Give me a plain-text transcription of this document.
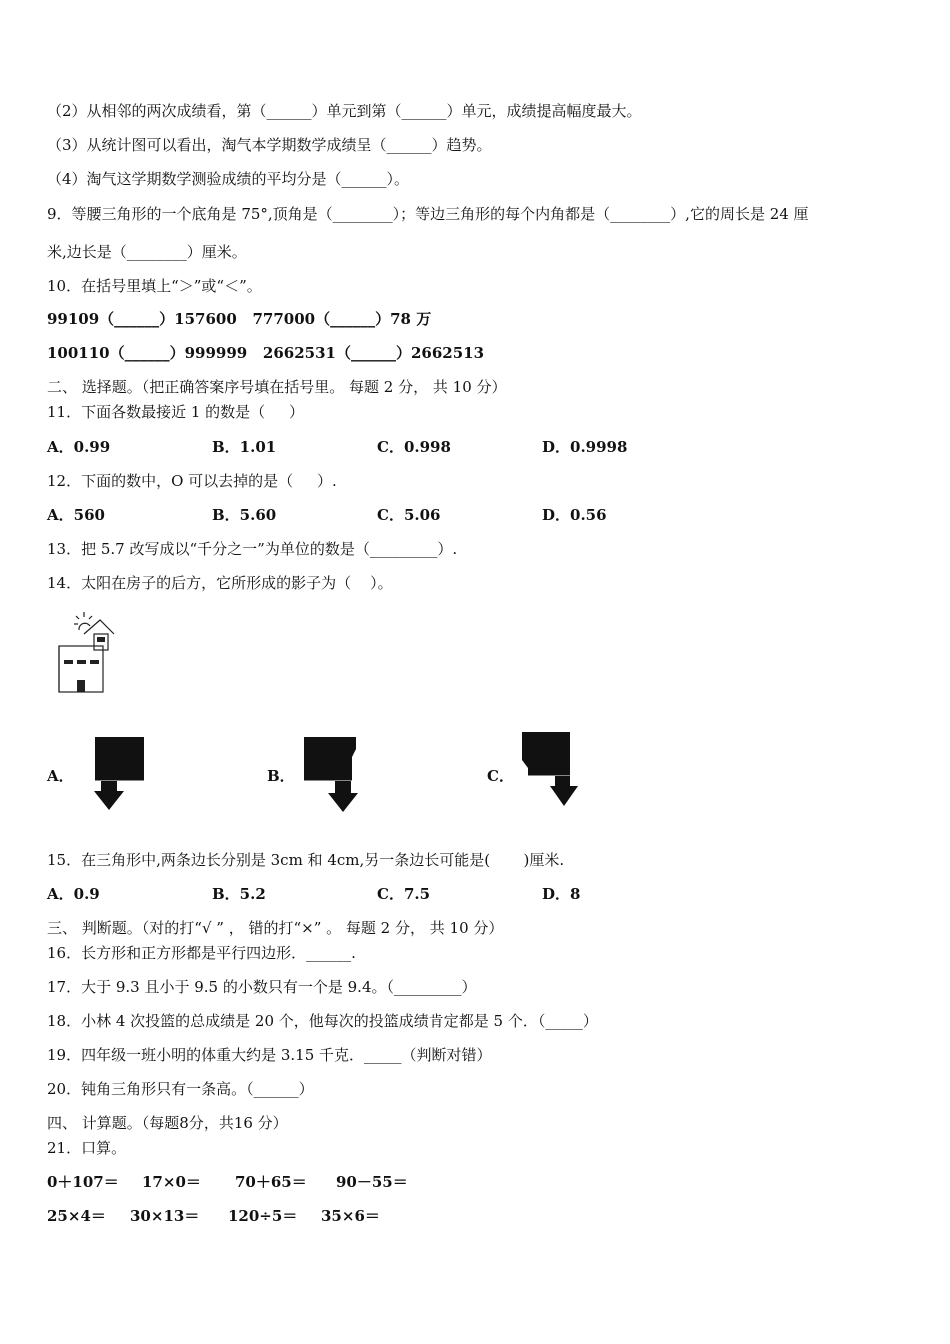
（2）从相邻的两次成绩看，第（______）单元到第（______）单元，成绩提高幅度最大。
（3）从统计图可以看出，淘气本学期数学成绩呈（______）趋势。
（4）淘气这学期数学测验成绩的平均分是（______）。
9．等腰三角形的一个底角是 75°,顶角是（________）；等边三角形的每个内角都是（________）,它的周长是 24 厘
米,边长是（________）厘米。
10．在括号里填上“＞”或“＜”。
99109（______）157600   777000（______）78 万
100110（______）999999   2662531（______）2662513
二、 选择题。（把正确答案序号填在括号里。 每题 2 分， 共 10 分）
11．下面各数最接近 1 的数是（     ）
A．0.99	B．1.01	C．0.998	D．0.9998
12．下面的数中，O 可以去掉的是（     ）.
A．560	B．5.60	C．5.06	D．0.56
13．把 5.7 改写成以“千分之一”为单位的数是（_________）.
14．太阳在房子的后方，它所形成的影子为（    ）。
A．	B．	C．
15．在三角形中,两条边长分别是 3cm 和 4cm,另一条边长可能是(       )厘米.
A．0.9	B．5.2	C．7.5	D．8
三、 判断题。（对的打“√ ” ， 错的打“×” 。 每题 2 分， 共 10 分）
16．长方形和正方形都是平行四边形．______.
17．大于 9.3 且小于 9.5 的小数只有一个是 9.4。（_________）
18．小林 4 次投篮的总成绩是 20 个，他每次的投篮成绩肯定都是 5 个．（_____）
19．四年级一班小明的体重大约是 3.15 千克．_____（判断对错）
20．钝角三角形只有一条高。（______）
四、 计算题。（每题8分，共16 分）
21．口算。
0＋107＝ 17×0＝ 70＋65＝ 90－55＝
25×4＝ 30×13＝ 120÷5＝ 35×6＝
